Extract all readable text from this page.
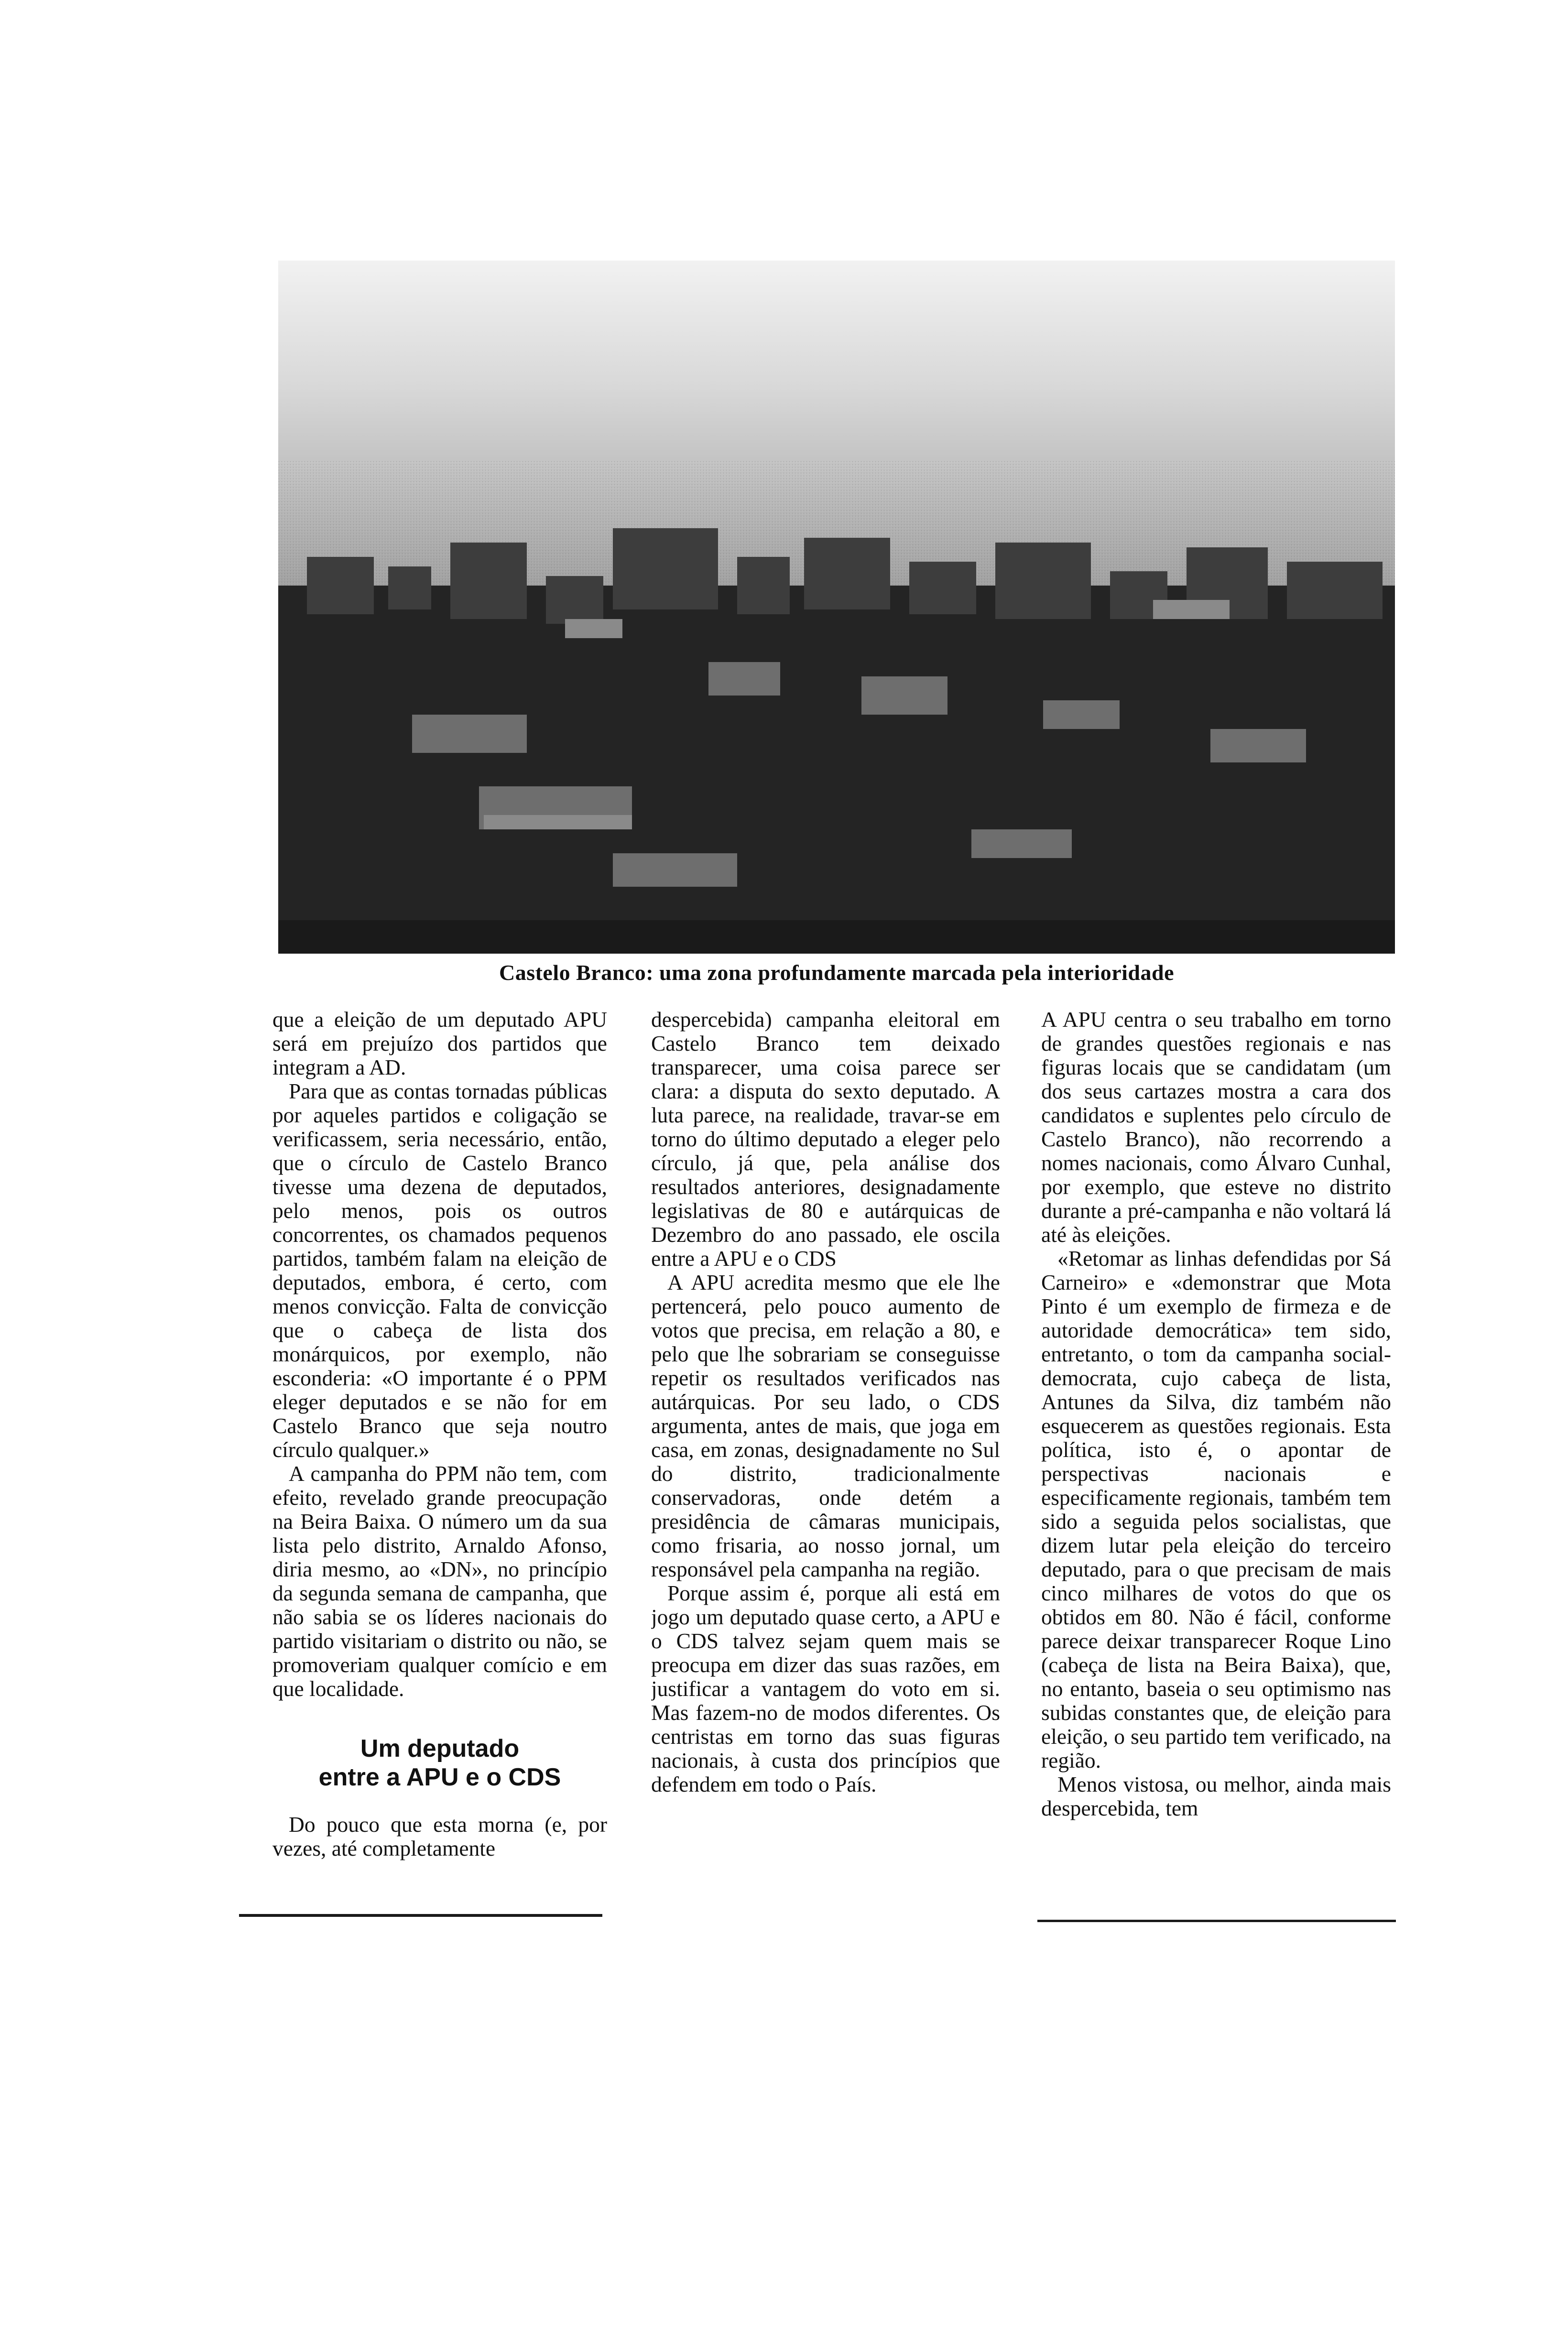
Castelo Branco: uma zona profundamente marcada pela interioridade

que a eleição de um deputado APU será em prejuízo dos partidos que integram a AD.

Para que as contas tornadas públicas por aqueles partidos e coligação se verificassem, seria necessário, então, que o círculo de Castelo Branco tivesse uma dezena de deputados, pelo menos, pois os outros concorrentes, os chamados pequenos partidos, também falam na eleição de deputados, embora, é certo, com menos convicção. Falta de convicção que o cabeça de lista dos monárquicos, por exemplo, não esconderia: «O importante é o PPM eleger deputados e se não for em Castelo Branco que seja noutro círculo qualquer.»

A campanha do PPM não tem, com efeito, revelado grande preocupação na Beira Baixa. O número um da sua lista pelo distrito, Arnaldo Afonso, diria mesmo, ao «DN», no princípio da segunda semana de campanha, que não sabia se os líderes nacionais do partido visitariam o distrito ou não, se promoveriam qualquer comício e em que localidade.

Um deputado
entre a APU e o CDS

Do pouco que esta morna (e, por vezes, até completamente

despercebida) campanha eleitoral em Castelo Branco tem deixado transparecer, uma coisa parece ser clara: a disputa do sexto deputado. A luta parece, na realidade, travar-se em torno do último deputado a eleger pelo círculo, já que, pela análise dos resultados anteriores, designadamente legislativas de 80 e autárquicas de Dezembro do ano passado, ele oscila entre a APU e o CDS

A APU acredita mesmo que ele lhe pertencerá, pelo pouco aumento de votos que precisa, em relação a 80, e pelo que lhe sobrariam se conseguisse repetir os resultados verificados nas autárquicas. Por seu lado, o CDS argumenta, antes de mais, que joga em casa, em zonas, designadamente no Sul do distrito, tradicionalmente conservadoras, onde detém a presidência de câmaras municipais, como frisaria, ao nosso jornal, um responsável pela campanha na região.

Porque assim é, porque ali está em jogo um deputado quase certo, a APU e o CDS talvez sejam quem mais se preocupa em dizer das suas razões, em justificar a vantagem do voto em si. Mas fazem-no de modos diferentes. Os centristas em torno das suas figuras nacionais, à custa dos princípios que defendem em todo o País.

A APU centra o seu trabalho em torno de grandes questões regionais e nas figuras locais que se candidatam (um dos seus cartazes mostra a cara dos candidatos e suplentes pelo círculo de Castelo Branco), não recorrendo a nomes nacionais, como Álvaro Cunhal, por exemplo, que esteve no distrito durante a pré-campanha e não voltará lá até às eleições.

«Retomar as linhas defendidas por Sá Carneiro» e «demonstrar que Mota Pinto é um exemplo de firmeza e de autoridade democrática» tem sido, entretanto, o tom da campanha social-democrata, cujo cabeça de lista, Antunes da Silva, diz também não esquecerem as questões regionais. Esta política, isto é, o apontar de perspectivas nacionais e especificamente regionais, também tem sido a seguida pelos socialistas, que dizem lutar pela eleição do terceiro deputado, para o que precisam de mais cinco milhares de votos do que os obtidos em 80. Não é fácil, conforme parece deixar transparecer Roque Lino (cabeça de lista na Beira Baixa), que, no entanto, baseia o seu optimismo nas subidas constantes que, de eleição para eleição, o seu partido tem verificado, na região.

Menos vistosa, ou melhor, ainda mais despercebida, tem
